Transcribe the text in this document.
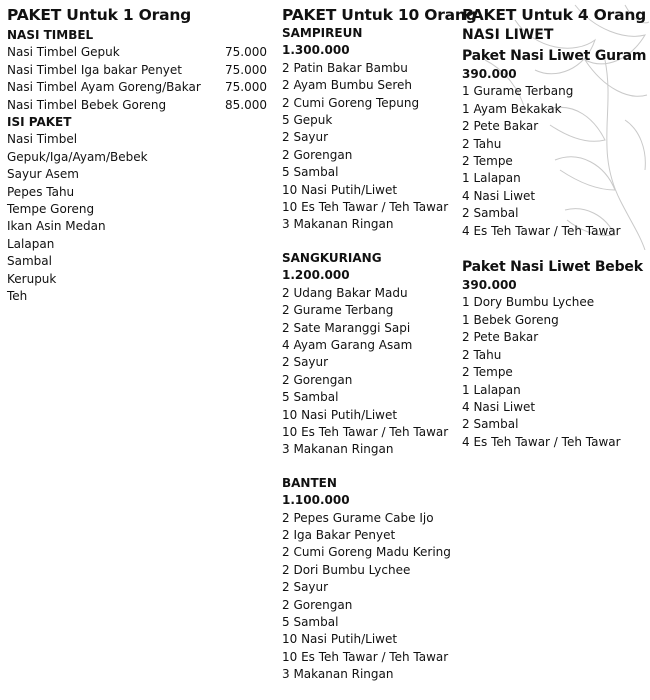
PAKET Untuk 1 Orang
NASI TIMBEL
Nasi Timbel Gepuk	75.000
Nasi Timbel Iga bakar Penyet	75.000
Nasi Timbel Ayam Goreng/Bakar	75.000
Nasi Timbel Bebek Goreng	85.000
ISI PAKET
Nasi Timbel
Gepuk/Iga/Ayam/Bebek
Sayur Asem
Pepes Tahu
Tempe Goreng
Ikan Asin Medan
Lalapan
Sambal
Kerupuk
Teh
PAKET Untuk 10 Orang
SAMPIREUN
1.300.000
2 Patin Bakar Bambu
2 Ayam Bumbu Sereh
2 Cumi Goreng Tepung
5 Gepuk
2 Sayur
2 Gorengan
5 Sambal
10 Nasi Putih/Liwet
10 Es Teh Tawar / Teh Tawar
3 Makanan Ringan
SANGKURIANG
1.200.000
2 Udang Bakar Madu
2 Gurame Terbang
2 Sate Maranggi Sapi
4 Ayam Garang Asam
2 Sayur
2 Gorengan
5 Sambal
10 Nasi Putih/Liwet
10 Es Teh Tawar / Teh Tawar
3 Makanan Ringan
BANTEN
1.100.000
2 Pepes Gurame Cabe Ijo
2 Iga Bakar Penyet
2 Cumi Goreng Madu Kering
2 Dori Bumbu Lychee
2 Sayur
2 Gorengan
5 Sambal
10 Nasi Putih/Liwet
10 Es Teh Tawar / Teh Tawar
3 Makanan Ringan
PAKET Untuk 4 Orang
NASI LIWET
Paket Nasi Liwet Guram
390.000
1 Gurame Terbang
1 Ayam Bekakak
2 Pete Bakar
2 Tahu
2 Tempe
1 Lalapan
4 Nasi Liwet
2 Sambal
4 Es Teh Tawar / Teh Tawar
Paket Nasi Liwet Bebek
390.000
1 Dory Bumbu Lychee
1 Bebek Goreng
2 Pete Bakar
2 Tahu
2 Tempe
1 Lalapan
4 Nasi Liwet
2 Sambal
4 Es Teh Tawar / Teh Tawar
